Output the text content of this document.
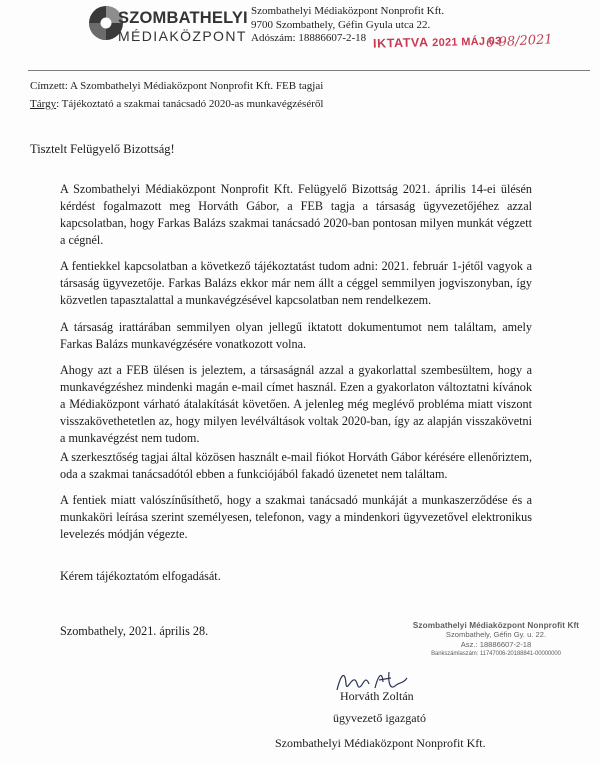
SZOMBATHELYI
MÉDIAKÖZPONT
Szombathelyi Médiaközpont Nonprofit Kft.
9700 Szombathely, Géfin Gyula utca 22.
Adószám: 18886607-2-18 IKTATVA 2021 MÁJ 03
6-98/2021
Címzett: A Szombathelyi Médiaközpont Nonprofit Kft. FEB tagjai
Tárgy: Tájékoztató a szakmai tanácsadó 2020-as munkavégzéséről
Tisztelt Felügyelő Bizottság!
A Szombathelyi Médiaközpont Nonprofit Kft. Felügyelő Bizottság 2021. április 14-ei ülésén kérdést fogalmazott meg Horváth Gábor, a FEB tagja a társaság ügyvezetőjéhez azzal kapcsolatban, hogy Farkas Balázs szakmai tanácsadó 2020-ban pontosan milyen munkát végzett a cégnél.
A fentiekkel kapcsolatban a következő tájékoztatást tudom adni: 2021. február 1-jétől vagyok a társaság ügyvezetője. Farkas Balázs ekkor már nem állt a céggel semmilyen jogviszonyban, így közvetlen tapasztalattal a munkavégzésével kapcsolatban nem rendelkezem.
A társaság irattárában semmilyen olyan jellegű iktatott dokumentumot nem találtam, amely Farkas Balázs munkavégzésére vonatkozott volna.
Ahogy azt a FEB ülésen is jeleztem, a társaságnál azzal a gyakorlattal szembesültem, hogy a munkavégzéshez mindenki magán e-mail címet használ. Ezen a gyakorlaton változtatni kívánok a Médiaközpont várható átalakítását követően. A jelenleg még meglévő probléma miatt viszont visszakövethetetlen az, hogy milyen levélváltások voltak 2020-ban, így az alapján visszakövetni a munkavégzést nem tudom.
A szerkesztőség tagjai által közösen használt e-mail fiókot Horváth Gábor kérésére ellenőriztem, oda a szakmai tanácsadótól ebben a funkciójából fakadó üzenetet nem találtam.
A fentiek miatt valószínűsíthető, hogy a szakmai tanácsadó munkáját a munkaszerződése és a munkaköri leírása szerint személyesen, telefonon, vagy a mindenkori ügyvezetővel elektronikus levelezés módján végezte.
Kérem tájékoztatóm elfogadását.
Szombathely, 2021. április 28.	Szombathelyi Médiaközpont Nonprofit Kft
Szombathely, Géfin Gy. u. 22.
Asz.: 18886607-2-18
Bankszámlaszám: 11747006-20188841-00000000
Horváth Zoltán
ügyvezető igazgató
Szombathelyi Médiaközpont Nonprofit Kft.
